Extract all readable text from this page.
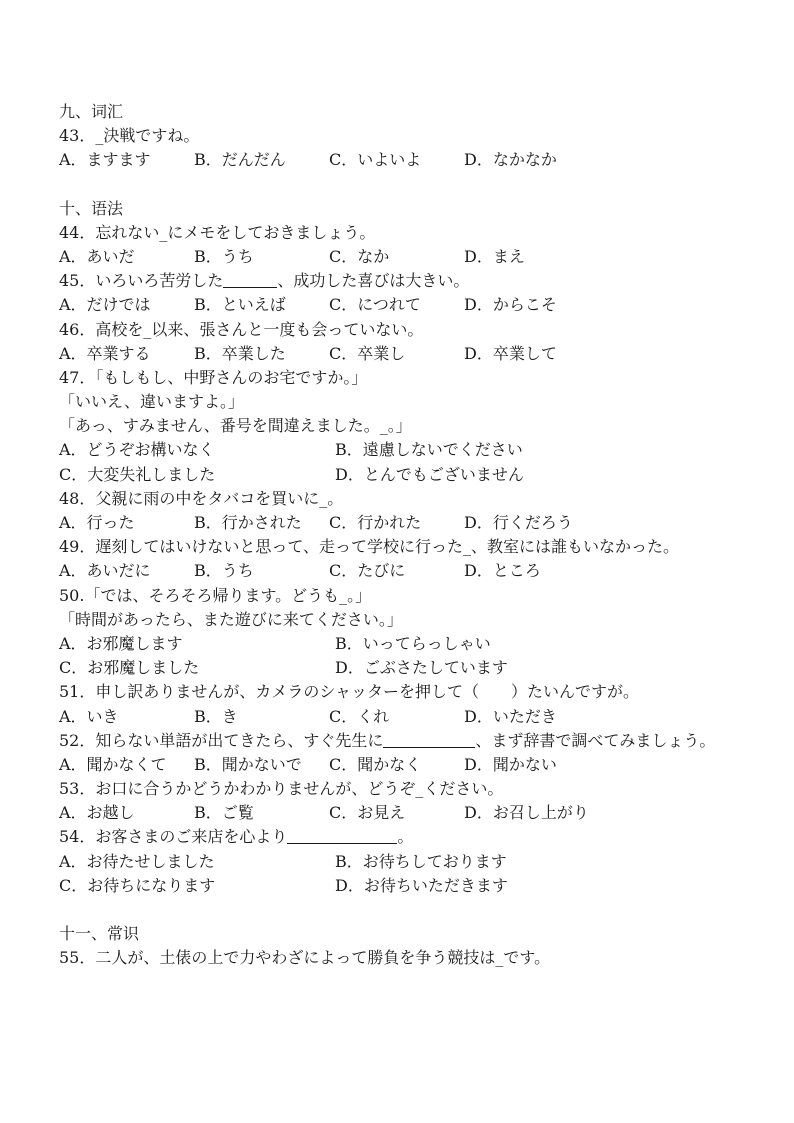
九、词汇
43．_決戦ですね。
A．ますます	B．だんだん	C．いよいよ	D．なかなか
十、语法
44．忘れない_にメモをしておきましょう。
A．あいだ	B．うち	C．なか	D．まえ
45．いろいろ苦労した	、成功した喜びは大きい。
A．だけでは	B．といえば	C．につれて	D．からこそ
46．高校を_以来、張さんと一度も会っていない。
A．卒業する	B．卒業した	C．卒業し	D．卒業して
47．「もしもし、中野さんのお宅ですか。」
「いいえ、違いますよ。」
「あっ、すみません、番号を間違えました。_。」
A．どうぞお構いなく	B．遠慮しないでください
C．大変失礼しました	D．とんでもございません
48．父親に雨の中をタバコを買いに_。
A．行った	B．行かされた C．行かれた	D．行くだろう
49．遅刻してはいけないと思って、走って学校に行った_、教室には誰もいなかった。
A．あいだに	B．うち	C．たびに	D．ところ
50.「では、そろそろ帰ります。どうも_。」
「時間があったら、また遊びに来てください。」
A．お邪魔します	B．いってらっしゃい
C．お邪魔しました	D．ごぶさたしています
51．申し訳ありませんが、カメラのシャッターを押して（　　）たいんですが。
A．いき	B．き	C．くれ	D．いただき
52．知らない単語が出てきたら、すぐ先生に	、まず辞書で調べてみましょう。
A．聞かなくて B．聞かないで C．聞かなく	D．聞かない
53．お口に合うかどうかわかりませんが、どうぞ_ください。
A．お越し	B．ご覧	C．お見え	D．お召し上がり
54．お客さまのご来店を心より	。
A．お待たせしました	B．お待ちしております
C．お待ちになります	D．お待ちいただきます
十一、常识
55．二人が、土俵の上で力やわざによって勝負を争う競技は_です。
